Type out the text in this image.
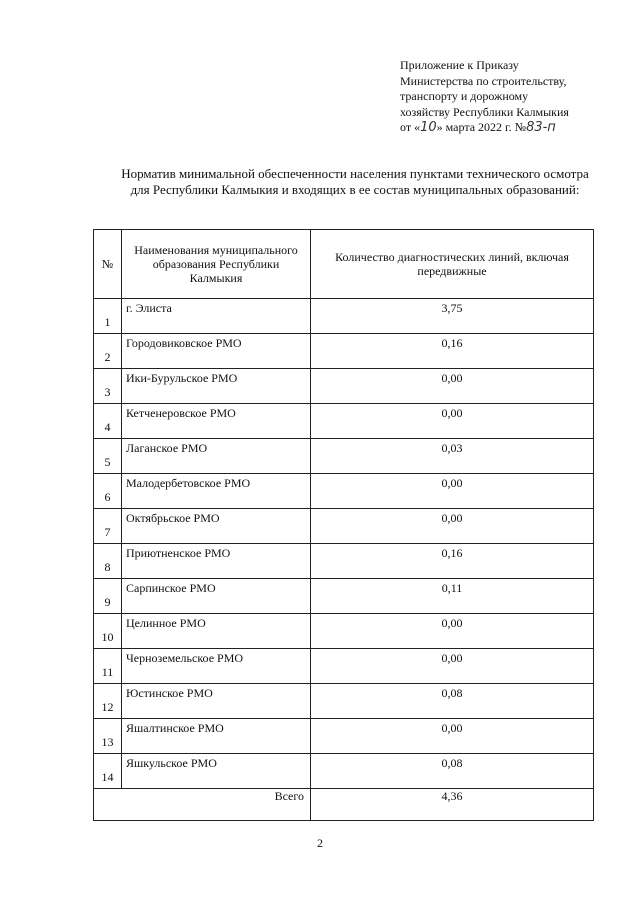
Приложение к Приказу
Министерства по строительству,
транспорту и дорожному
хозяйству Республики Калмыкия
от «10» марта 2022 г. №83-п
Норматив минимальной обеспеченности населения пунктами технического осмотра для Республики Калмыкия и входящих в ее состав муниципальных образований:
№	Наименования муниципального образования Республики Калмыкия	Количество диагностических линий, включая передвижные
1	г. Элиста	3,75
2	Городовиковское РМО	0,16
3	Ики-Бурульское РМО	0,00
4	Кетченеровское РМО	0,00
5	Лаганское РМО	0,03
6	Малодербетовское РМО	0,00
7	Октябрьское РМО	0,00
8	Приютненское РМО	0,16
9	Сарпинское РМО	0,11
10	Целинное РМО	0,00
11	Черноземельское РМО	0,00
12	Юстинское РМО	0,08
13	Яшалтинское РМО	0,00
14	Яшкульское РМО	0,08
Всего		4,36
2
